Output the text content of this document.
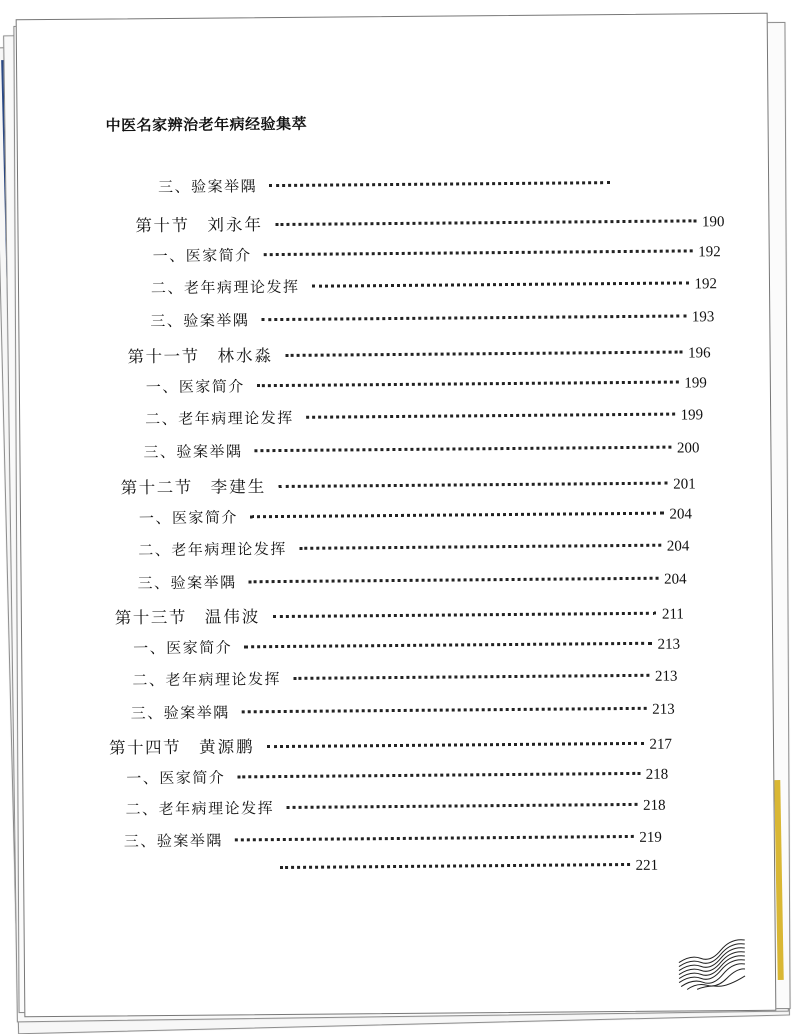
中医名家辨治老年病经验集萃
三、验案举隅
第十节 刘永年	190
一、医家简介	192
二、老年病理论发挥	192
三、验案举隅	193
第十一节 林水淼	196
一、医家简介	199
二、老年病理论发挥	199
三、验案举隅	200
第十二节 李建生	201
一、医家简介	204
二、老年病理论发挥	204
三、验案举隅	204
第十三节 温伟波	211
一、医家简介	213
二、老年病理论发挥	213
三、验案举隅	213
第十四节 黄源鹏	217
一、医家简介	218
二、老年病理论发挥	218
三、验案举隅	219
221
